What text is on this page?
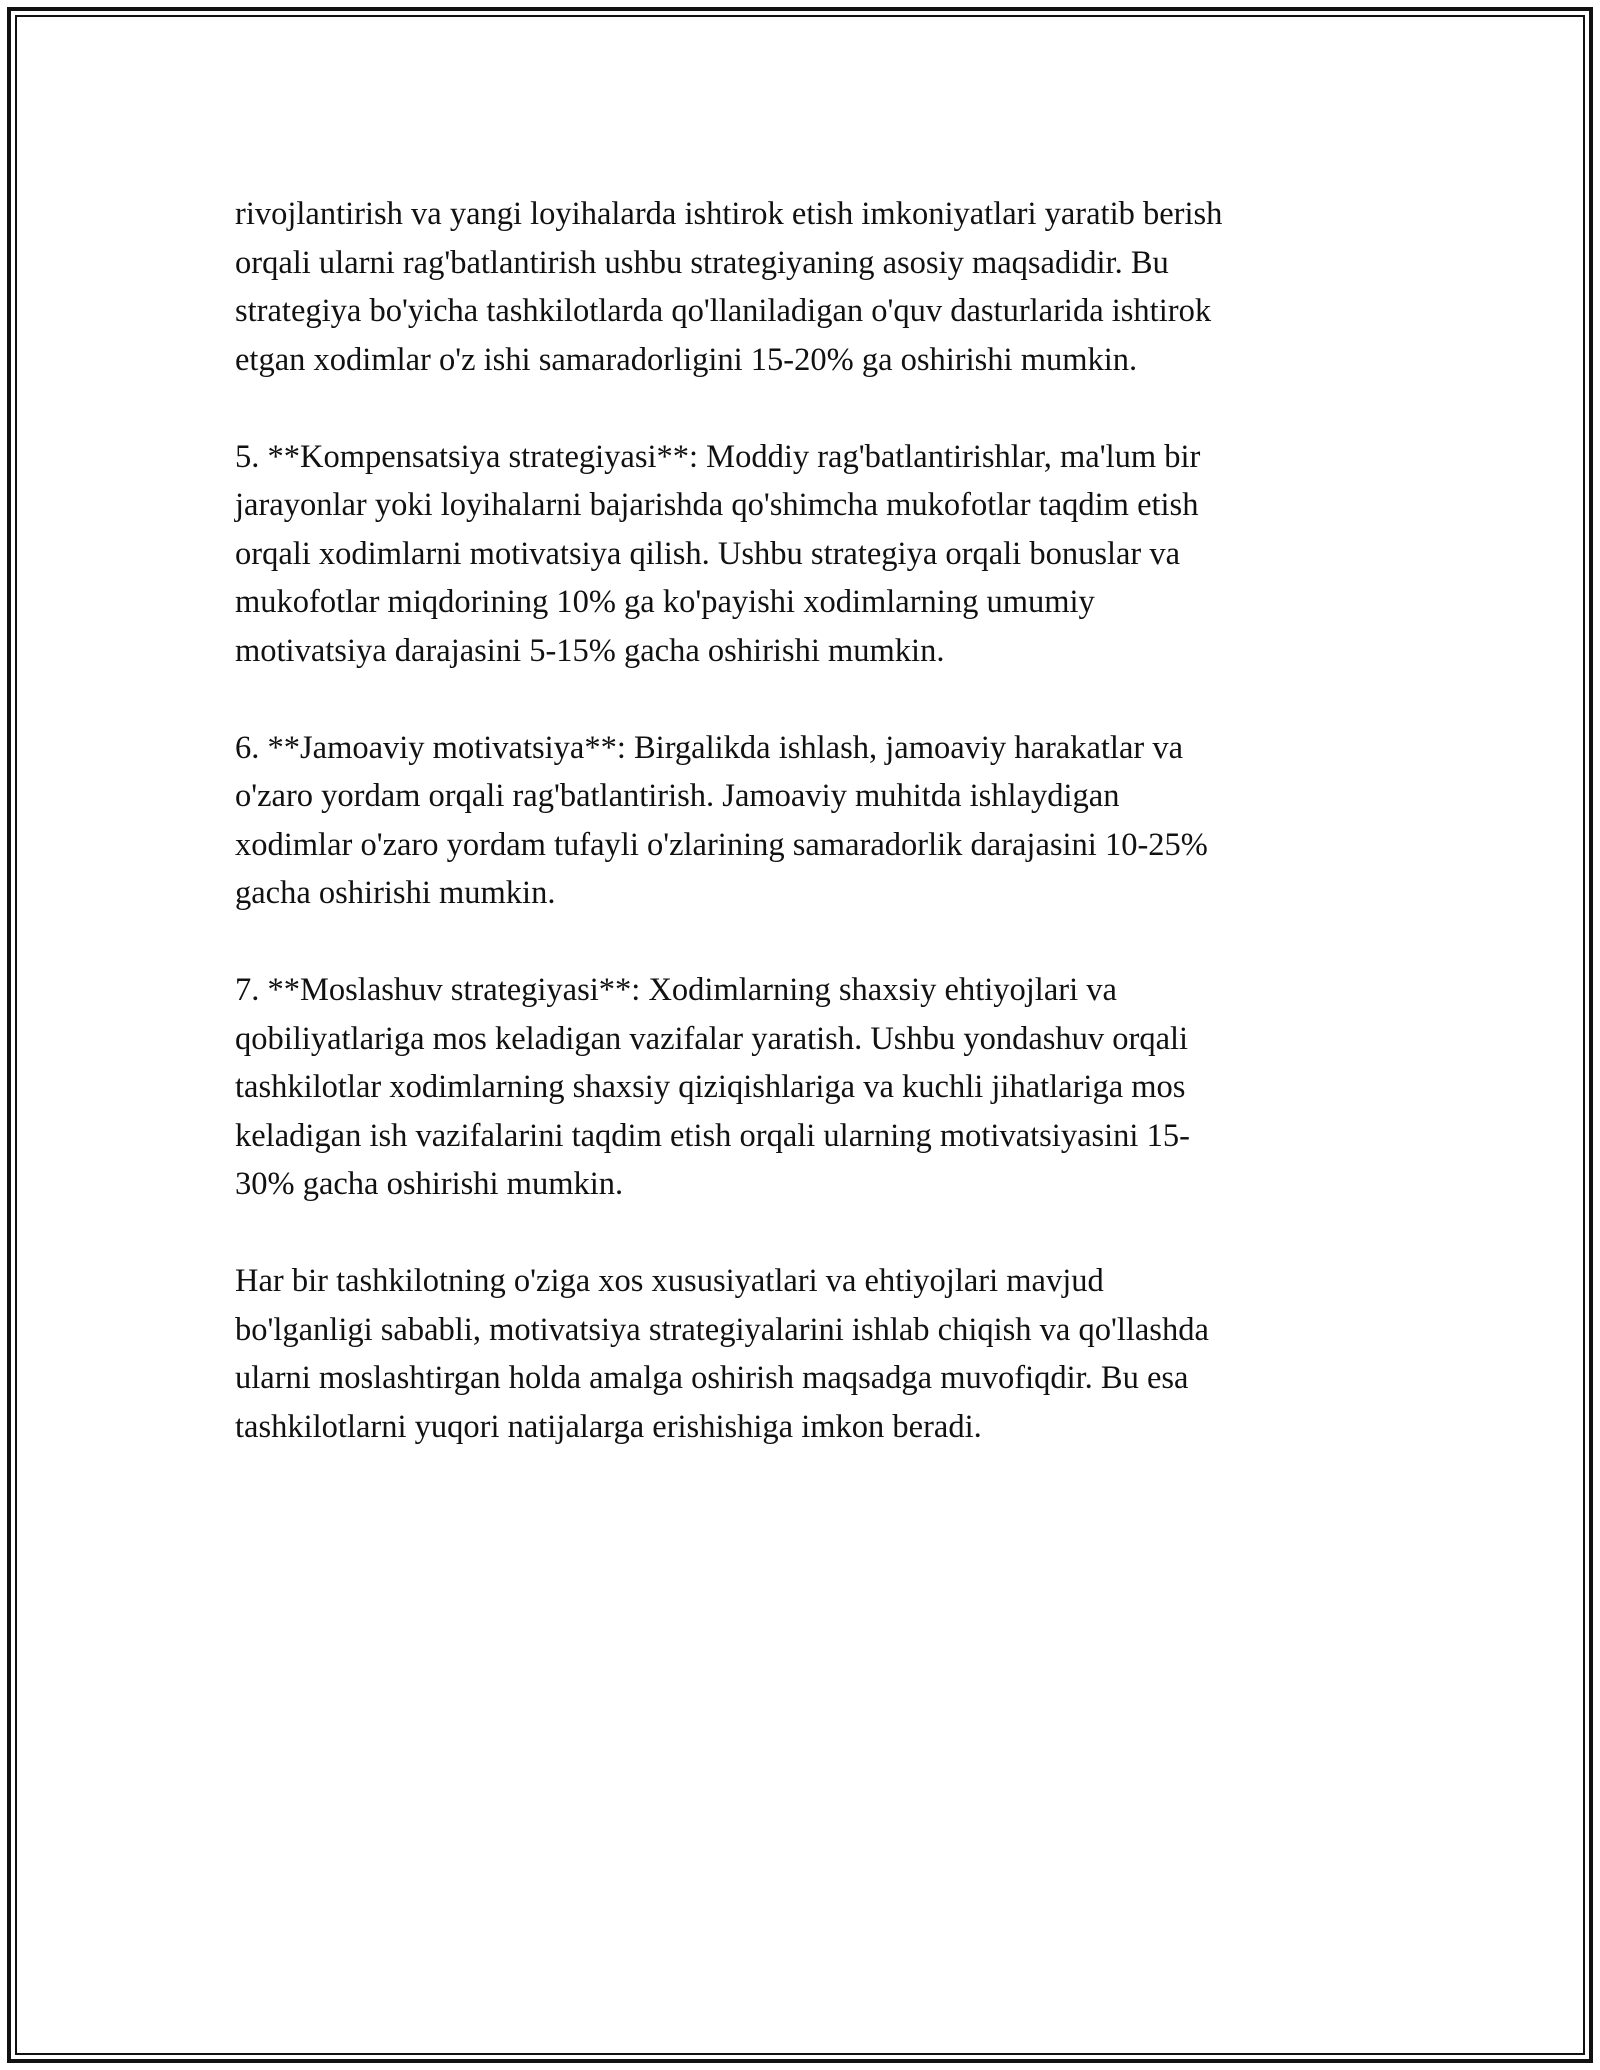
rivojlantirish va yangi loyihalarda ishtirok etish imkoniyatlari yaratib berish
orqali ularni rag'batlantirish ushbu strategiyaning asosiy maqsadidir. Bu
strategiya bo'yicha tashkilotlarda qo'llaniladigan o'quv dasturlarida ishtirok
etgan xodimlar o'z ishi samaradorligini 15-20% ga oshirishi mumkin.
5. **Kompensatsiya strategiyasi**: Moddiy rag'batlantirishlar, ma'lum bir
jarayonlar yoki loyihalarni bajarishda qo'shimcha mukofotlar taqdim etish
orqali xodimlarni motivatsiya qilish. Ushbu strategiya orqali bonuslar va
mukofotlar miqdorining 10% ga ko'payishi xodimlarning umumiy
motivatsiya darajasini 5-15% gacha oshirishi mumkin.
6. **Jamoaviy motivatsiya**: Birgalikda ishlash, jamoaviy harakatlar va
o'zaro yordam orqali rag'batlantirish. Jamoaviy muhitda ishlaydigan
xodimlar o'zaro yordam tufayli o'zlarining samaradorlik darajasini 10-25%
gacha oshirishi mumkin.
7. **Moslashuv strategiyasi**: Xodimlarning shaxsiy ehtiyojlari va
qobiliyatlariga mos keladigan vazifalar yaratish. Ushbu yondashuv orqali
tashkilotlar xodimlarning shaxsiy qiziqishlariga va kuchli jihatlariga mos
keladigan ish vazifalarini taqdim etish orqali ularning motivatsiyasini 15-
30% gacha oshirishi mumkin.
Har bir tashkilotning o'ziga xos xususiyatlari va ehtiyojlari mavjud
bo'lganligi sababli, motivatsiya strategiyalarini ishlab chiqish va qo'llashda
ularni moslashtirgan holda amalga oshirish maqsadga muvofiqdir. Bu esa
tashkilotlarni yuqori natijalarga erishishiga imkon beradi.
